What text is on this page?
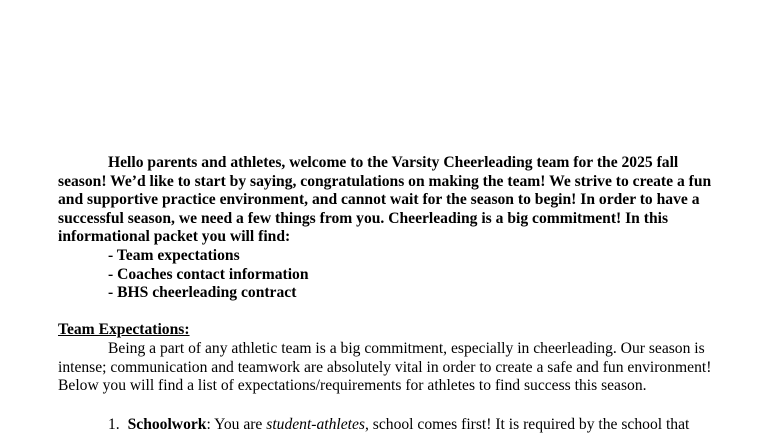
Hello parents and athletes, welcome to the Varsity Cheerleading team for the 2025 fall season! We’d like to start by saying, congratulations on making the team! We strive to create a fun and supportive practice environment, and cannot wait for the season to begin! In order to have a successful season, we need a few things from you. Cheerleading is a big commitment! In this informational packet you will find:

- Team expectations
- Coaches contact information
- BHS cheerleading contract

Team Expectations:

Being a part of any athletic team is a big commitment, especially in cheerleading. Our season is intense; communication and teamwork are absolutely vital in order to create a safe and fun environment! Below you will find a list of expectations/requirements for athletes to find success this season.

1. Schoolwork: You are student-athletes, school comes first! It is required by the school that
